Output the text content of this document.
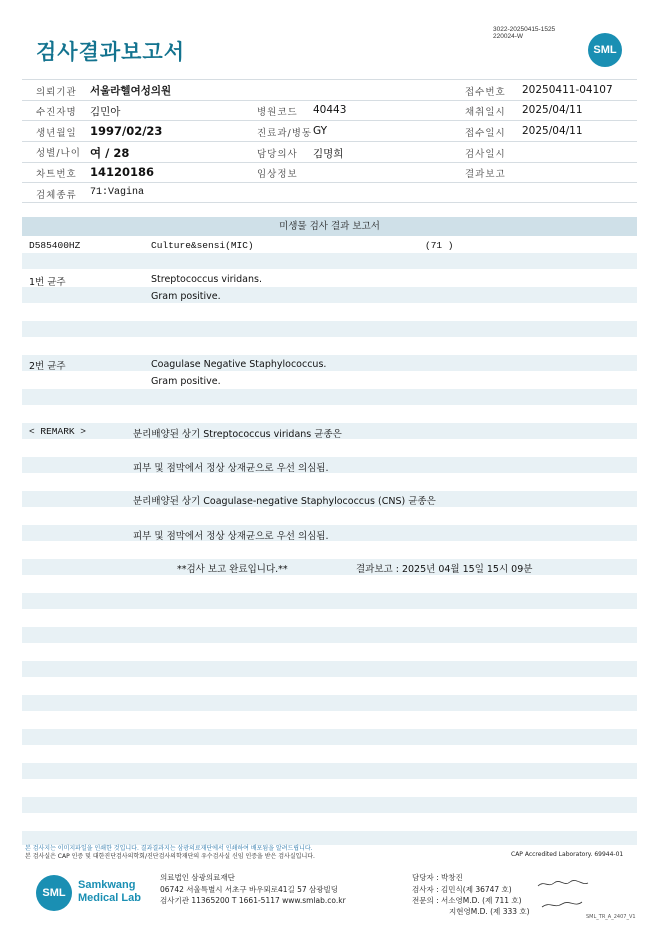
검사결과보고서
3022-20250415-1525
220024-W
SML
의뢰기관 서울라헬여성의원	접수번호 20250411-04107
수진자명 김민아	병원코드 40443	채취일시 2025/04/11
생년월일 1997/02/23	진료과/병동 GY	접수일시 2025/04/11
성별/나이 여 / 28	담당의사 김명희	검사일시
차트번호 14120186	임상정보	결과보고
검체종류 71:Vagina
미생물 검사 결과 보고서
D585400HZ	Culture&sensi(MIC)	(71 )
1번 균주	Streptococcus viridans.
Gram positive.
2번 균주	Coagulase Negative Staphylococcus.
Gram positive.
< REMARK >	분리배양된 상기 Streptococcus viridans 균종은
피부 및 점막에서 정상 상재균으로 우선 의심됨.
분리배양된 상기 Coagulase-negative Staphylococcus (CNS) 균종은
피부 및 점막에서 정상 상재균으로 우선 의심됨.
**검사 보고 완료입니다.**	결과보고 : 2025년 04월 15일 15시 09분
본 검사지는 이미지파일을 인쇄한 것입니다. 결과결과지는 삼광의료재단에서 인쇄하여 배포됨을 알려드립니다.
본 검사실은 CAP 인증 및 대한진단검사의학회/진단검사의학재단의 우수검사실 신임 인증을 받은 검사실입니다.	CAP Accredited Laboratory. 69944-01
SML
Samkwang
Medical Lab
의료법인 삼광의료재단
06742 서울특별시 서초구 바우뫼로41길 57 삼광빌딩
검사기관 11365200 T 1661-5117 www.smlab.co.kr
담당자 : 박창진
검사자 : 김민식(제 36747 호)
전문의 : 서소영M.D. (제 711 호)
지현영M.D. (제 333 호)
SML_TR_A_2407_V1
